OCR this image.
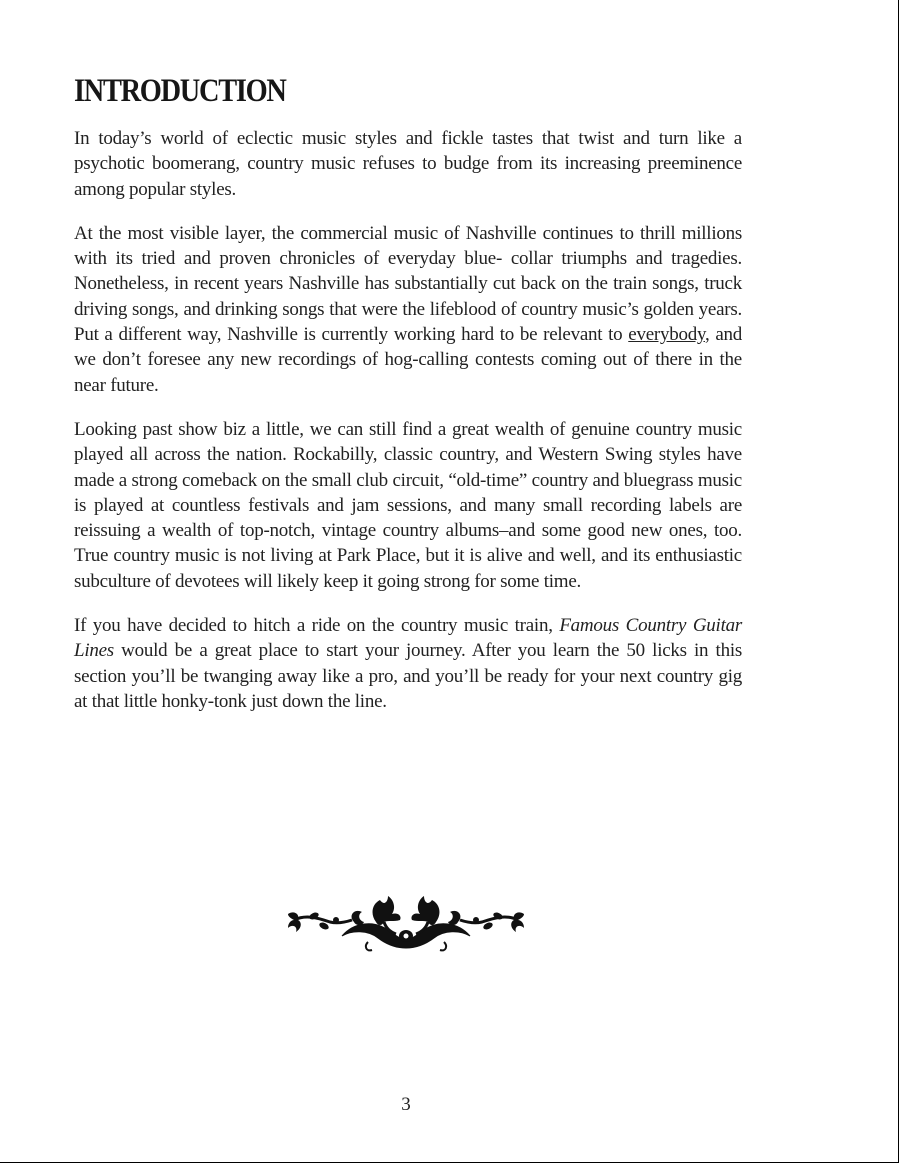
INTRODUCTION

In today’s world of eclectic music styles and fickle tastes that twist and turn like a psychotic boomerang, country music refuses to budge from its increasing preeminence among popular styles.

At the most visible layer, the commercial music of Nashville continues to thrill millions with its tried and proven chronicles of everyday blue- collar triumphs and tragedies. Nonetheless, in recent years Nashville has substantially cut back on the train songs, truck driving songs, and drinking songs that were the lifeblood of country music’s golden years. Put a different way, Nashville is currently working hard to be relevant to everybody, and we don’t foresee any new recordings of hog-calling contests coming out of there in the near future.

Looking past show biz a little, we can still find a great wealth of genuine country music played all across the nation. Rockabilly, classic country, and Western Swing styles have made a strong comeback on the small club circuit, “old-time” country and bluegrass music is played at countless festivals and jam sessions, and many small recording labels are reissuing a wealth of top-notch, vintage country albums–and some good new ones, too. True country music is not living at Park Place, but it is alive and well, and its enthusiastic subculture of devotees will likely keep it going strong for some time.

If you have decided to hitch a ride on the country music train, Famous Country Guitar Lines would be a great place to start your journey. After you learn the 50 licks in this section you’ll be twanging away like a pro, and you’ll be ready for your next country gig at that little honky-tonk just down the line.

3
